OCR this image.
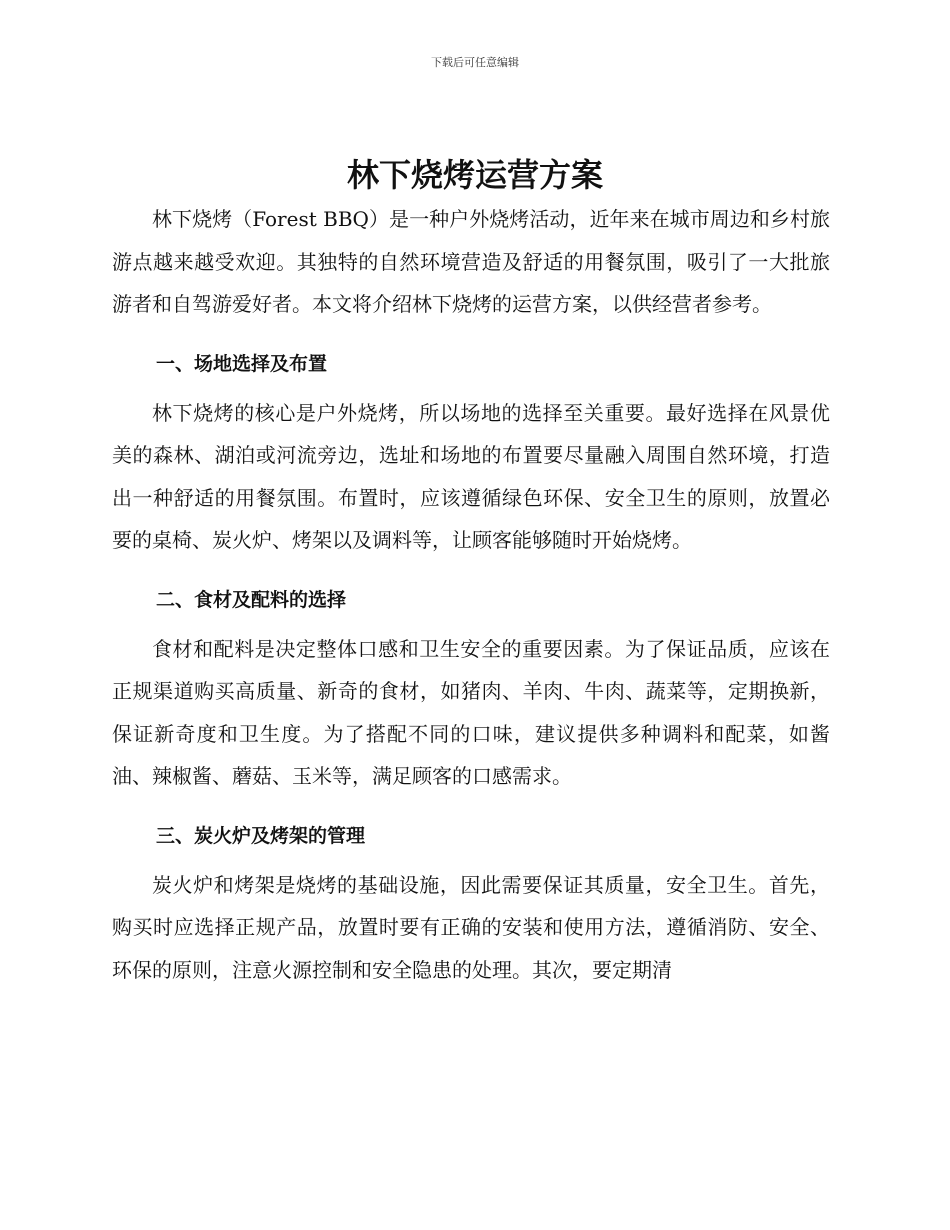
下载后可任意编辑
林下烧烤运营方案

林下烧烤（Forest BBQ）是一种户外烧烤活动，近年来在城市周边和乡村旅游点越来越受欢迎。其独特的自然环境营造及舒适的用餐氛围，吸引了一大批旅游者和自驾游爱好者。本文将介绍林下烧烤的运营方案，以供经营者参考。

一、场地选择及布置

林下烧烤的核心是户外烧烤，所以场地的选择至关重要。最好选择在风景优美的森林、湖泊或河流旁边，选址和场地的布置要尽量融入周围自然环境，打造出一种舒适的用餐氛围。布置时，应该遵循绿色环保、安全卫生的原则，放置必要的桌椅、炭火炉、烤架以及调料等，让顾客能够随时开始烧烤。

二、食材及配料的选择

食材和配料是决定整体口感和卫生安全的重要因素。为了保证品质，应该在正规渠道购买高质量、新奇的食材，如猪肉、羊肉、牛肉、蔬菜等，定期换新，保证新奇度和卫生度。为了搭配不同的口味，建议提供多种调料和配菜，如酱油、辣椒酱、蘑菇、玉米等，满足顾客的口感需求。

三、炭火炉及烤架的管理

炭火炉和烤架是烧烤的基础设施，因此需要保证其质量，安全卫生。首先，购买时应选择正规产品，放置时要有正确的安装和使用方法，遵循消防、安全、环保的原则，注意火源控制和安全隐患的处理。其次，要定期清
